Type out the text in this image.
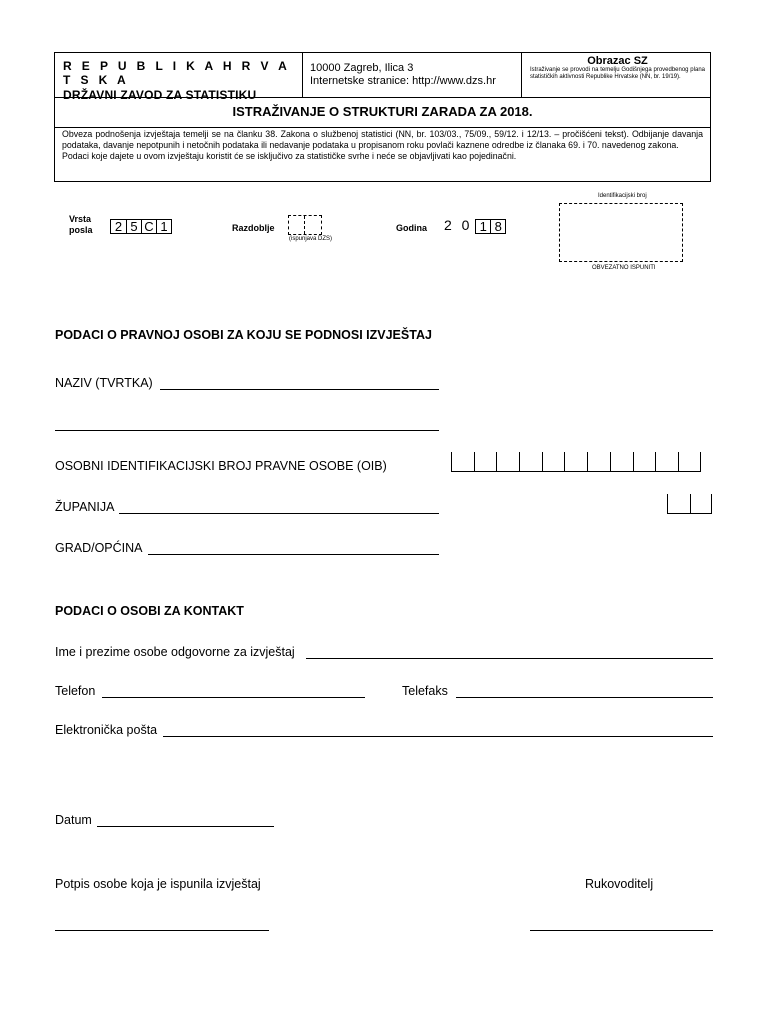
R E P U B L I K A H R V A T S K A
DRŽAVNI ZAVOD ZA STATISTIKU
10000 Zagreb, Ilica 3
Internetske stranice: http://www.dzs.hr
Obrazac SZ
Istraživanje se provodi na temelju Godišnjega provedbenog plana statističkih aktivnosti Republike Hrvatske (NN, br. 19/19).
ISTRAŽIVANJE O STRUKTURI ZARADA ZA 2018.

Obveza podnošenja izvještaja temelji se na članku 38. Zakona o službenoj statistici (NN, br. 103/03., 75/09., 59/12. i 12/13. – pročišćeni tekst). Odbijanje davanja podataka, davanje nepotpunih i netočnih podataka ili nedavanje podataka u propisanom roku povlači kaznene odredbe iz članaka 69. i 70. navedenog zakona.

Podaci koje dajete u ovom izvještaju koristit će se isključivo za statističke svrhe i neće se objavljivati kao pojedinačni.

Vrsta
posla 2 5 C 1	Razdoblje
(ispunjava DZS)
Godina 2 0 1 8
Identifikacijski broj
OBVEZATNO ISPUNITI
PODACI O PRAVNOJ OSOBI ZA KOJU SE PODNOSI IZVJEŠTAJ
NAZIV (TVRTKA)
OSOBNI IDENTIFIKACIJSKI BROJ PRAVNE OSOBE (OIB)
ŽUPANIJA
GRAD/OPĆINA
PODACI O OSOBI ZA KONTAKT
Ime i prezime osobe odgovorne za izvještaj
Telefon	Telefaks
Elektronička pošta
Datum
Potpis osobe koja je ispunila izvještaj	Rukovoditelj
